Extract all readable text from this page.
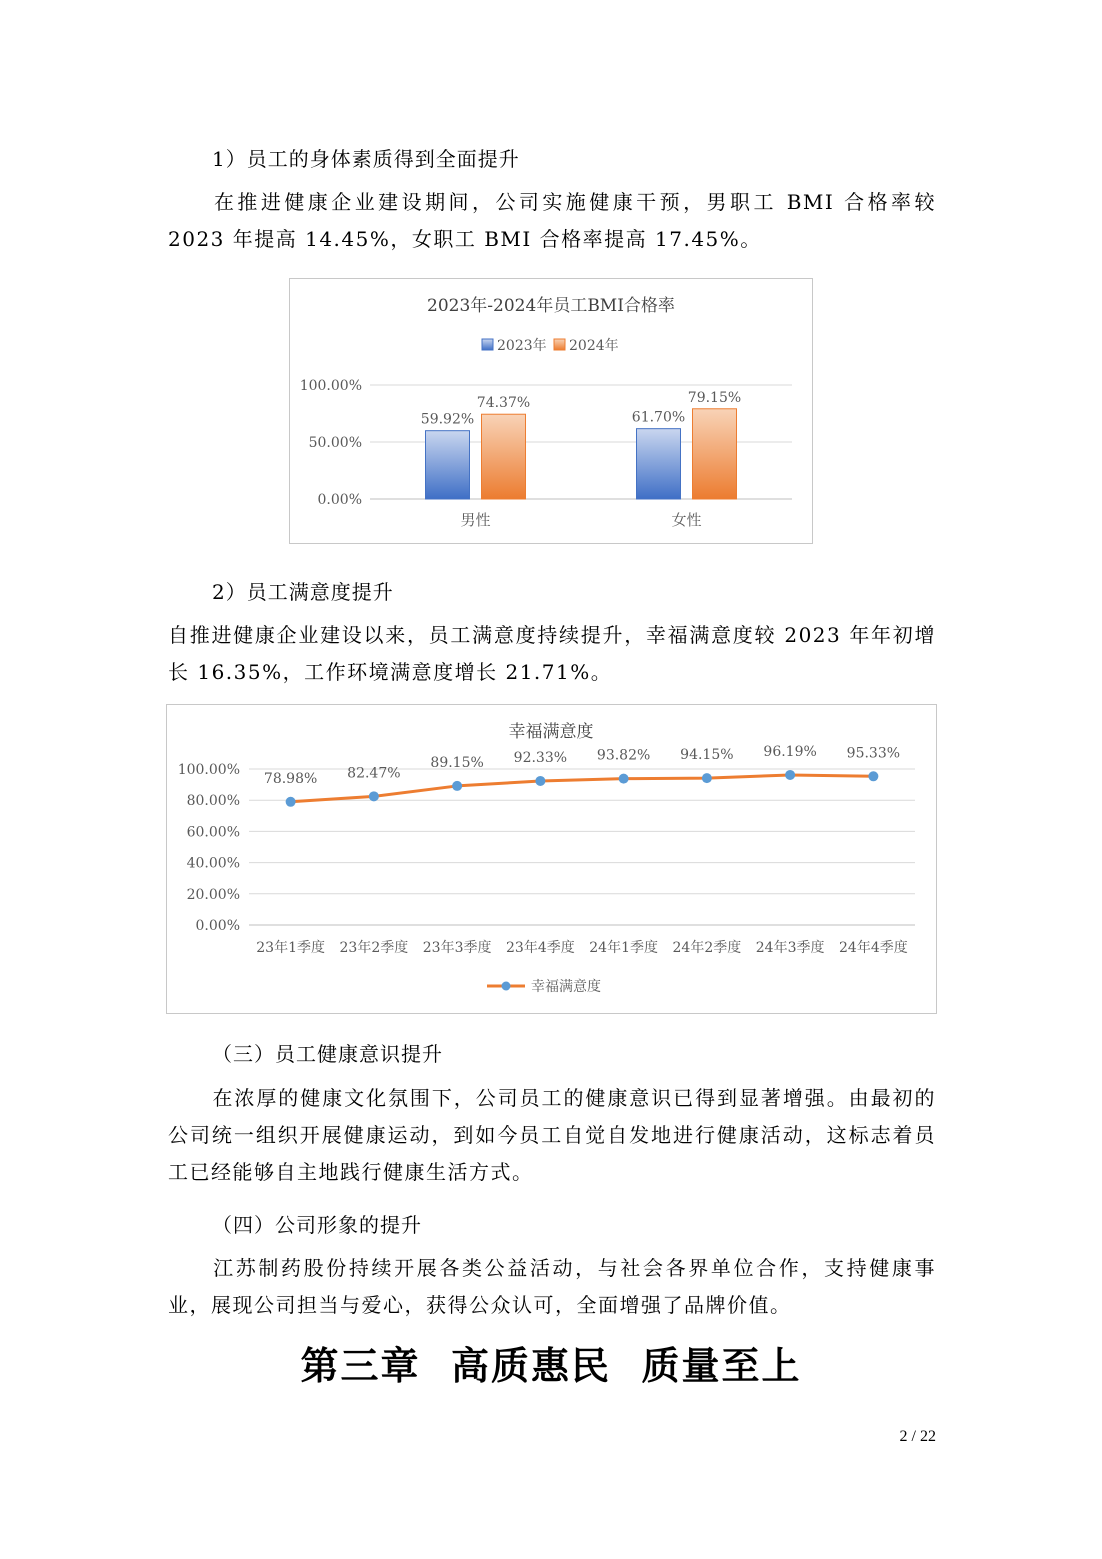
1）员工的身体素质得到全面提升
在推进健康企业建设期间，公司实施健康干预，男职工 BMI 合格率较 2023 年提高 14.45%，女职工 BMI 合格率提高 17.45%。
2023年-2024年员工BMI合格率
2023年 2024年
100.00%
50.00%
0.00%
59.92%
74.37%
男性
61.70%
79.15%
女性
2）员工满意度提升
自推进健康企业建设以来，员工满意度持续提升，幸福满意度较 2023 年年初增长 16.35%，工作环境满意度增长 21.71%。
幸福满意度
100.00%
80.00%
60.00%
40.00%
20.00%
0.00%
78.98%
23年1季度
82.47%
23年2季度
89.15%
23年3季度
92.33%
23年4季度
93.82%
24年1季度
94.15%
24年2季度
96.19%
24年3季度
95.33%
24年4季度
幸福满意度
（三）员工健康意识提升
在浓厚的健康文化氛围下，公司员工的健康意识已得到显著增强。由最初的公司统一组织开展健康运动，到如今员工自觉自发地进行健康活动，这标志着员工已经能够自主地践行健康生活方式。
（四）公司形象的提升
江苏制药股份持续开展各类公益活动，与社会各界单位合作，支持健康事业，展现公司担当与爱心，获得公众认可，全面增强了品牌价值。
第三章  高质惠民  质量至上
2 / 22
